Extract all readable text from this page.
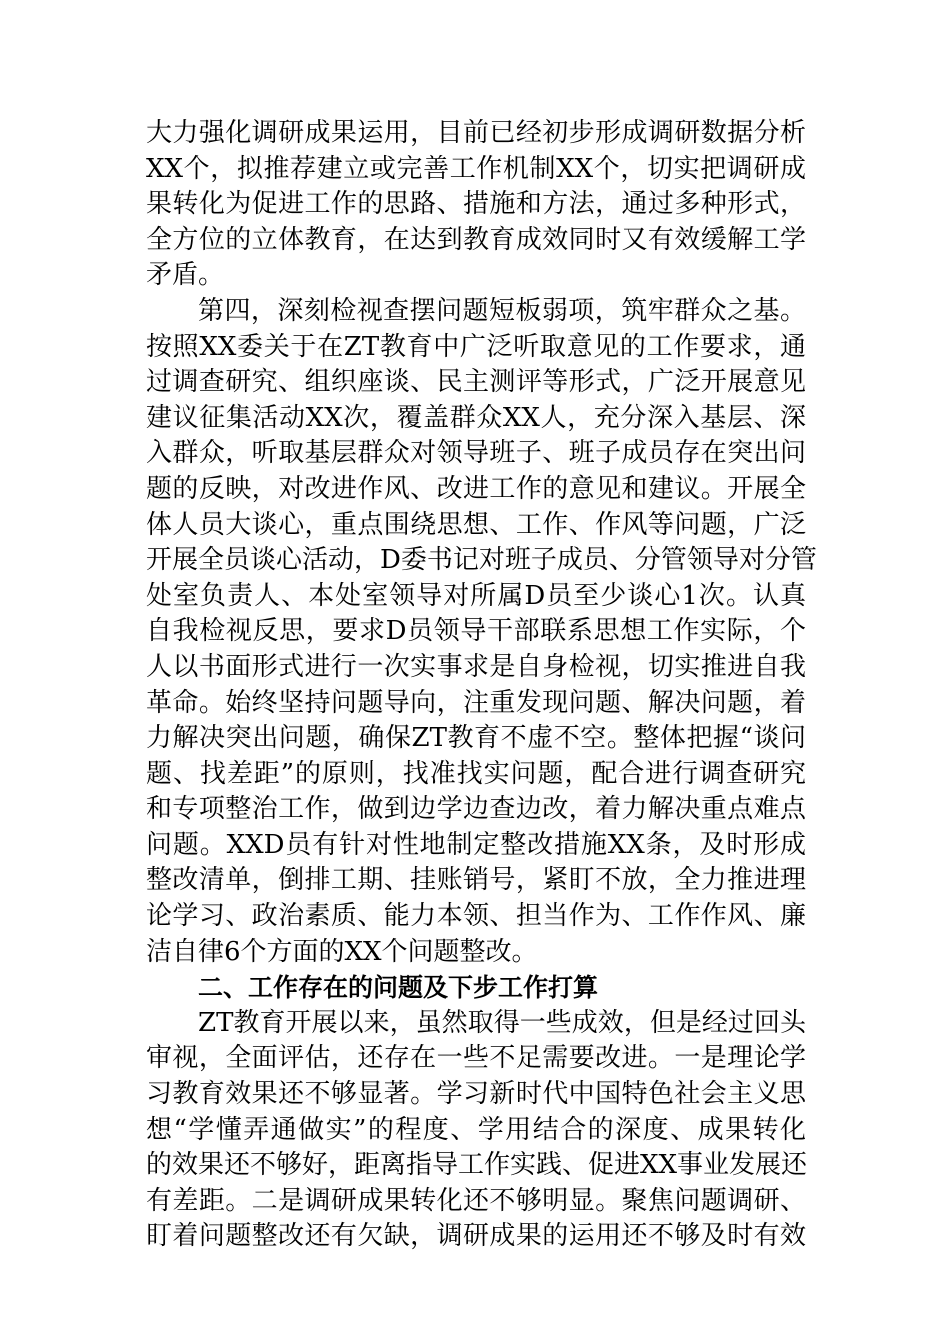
大力强化调研成果运用，目前已经初步形成调研数据分析
XX个，拟推荐建立或完善工作机制XX个，切实把调研成
果转化为促进工作的思路、措施和方法，通过多种形式，
全方位的立体教育，在达到教育成效同时又有效缓解工学
矛盾。
第四，深刻检视查摆问题短板弱项，筑牢群众之基。
按照XX委关于在ZT教育中广泛听取意见的工作要求，通
过调查研究、组织座谈、民主测评等形式，广泛开展意见
建议征集活动XX次，覆盖群众XX人，充分深入基层、深
入群众，听取基层群众对领导班子、班子成员存在突出问
题的反映，对改进作风、改进工作的意见和建议。开展全
体人员大谈心，重点围绕思想、工作、作风等问题，广泛
开展全员谈心活动，D委书记对班子成员、分管领导对分管
处室负责人、本处室领导对所属D员至少谈心1次。认真
自我检视反思，要求D员领导干部联系思想工作实际，个
人以书面形式进行一次实事求是自身检视，切实推进自我
革命。始终坚持问题导向，注重发现问题、解决问题，着
力解决突出问题，确保ZT教育不虚不空。整体把握“谈问
题、找差距”的原则，找准找实问题，配合进行调查研究
和专项整治工作，做到边学边查边改，着力解决重点难点
问题。XXD员有针对性地制定整改措施XX条，及时形成
整改清单，倒排工期、挂账销号，紧盯不放，全力推进理
论学习、政治素质、能力本领、担当作为、工作作风、廉
洁自律6个方面的XX个问题整改。
二、工作存在的问题及下步工作打算
ZT教育开展以来，虽然取得一些成效，但是经过回头
审视，全面评估，还存在一些不足需要改进。一是理论学
习教育效果还不够显著。学习新时代中国特色社会主义思
想“学懂弄通做实”的程度、学用结合的深度、成果转化
的效果还不够好，距离指导工作实践、促进XX事业发展还
有差距。二是调研成果转化还不够明显。聚焦问题调研、
盯着问题整改还有欠缺，调研成果的运用还不够及时有效
